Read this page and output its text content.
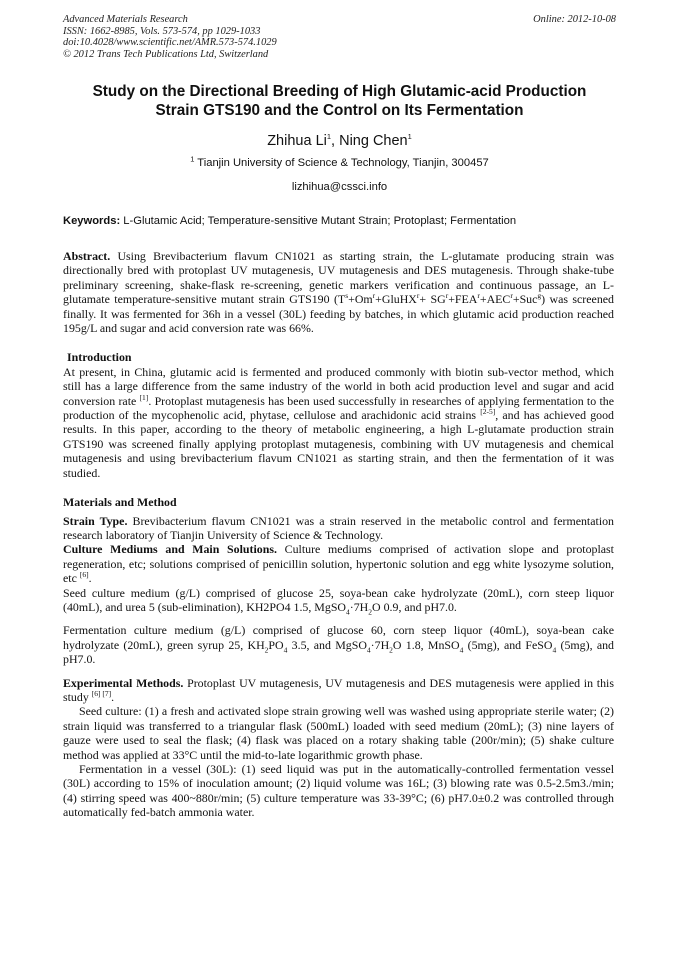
Advanced Materials Research
ISSN: 1662-8985, Vols. 573-574, pp 1029-1033
doi:10.4028/www.scientific.net/AMR.573-574.1029
© 2012 Trans Tech Publications Ltd, Switzerland
Online: 2012-10-08
Study on the Directional Breeding of High Glutamic-acid Production
Strain GTS190 and the Control on Its Fermentation
Zhihua Li$^1$, Ning Chen$^1$
$^1$ Tianjin University of Science & Technology, Tianjin, 300457
lizhihua@cssci.info
Keywords: L-Glutamic Acid; Temperature-sensitive Mutant Strain; Protoplast; Fermentation

Abstract. Using Brevibacterium flavum CN1021 as starting strain, the L-glutamate producing strain was directionally bred with protoplast UV mutagenesis, UV mutagenesis and DES mutagenesis. Through shake-tube preliminary screening, shake-flask re-screening, genetic markers verification and continuous passage, an L-glutamate temperature-sensitive mutant strain GTS190 $(T^s+Om^r+GluHX^r+ SG^r+FEA^r+AEC^r+Suc^g)$ was screened finally. It was fermented for 36h in a vessel (30L) feeding by batches, in which glutamic acid production reached 195g/L and sugar and acid conversion rate was 66%.

Introduction

At present, in China, glutamic acid is fermented and produced commonly with biotin sub-vector method, which still has a large difference from the same industry of the world in both acid production level and sugar and acid conversion rate [1]. Protoplast mutagenesis has been used successfully in researches of applying fermentation to the production of the mycophenolic acid, phytase, cellulose and arachidonic acid strains [2-5], and has achieved good results. In this paper, according to the theory of metabolic engineering, a high L-glutamate production strain GTS190 was screened finally applying protoplast mutagenesis, combining with UV mutagenesis and chemical mutagenesis and using brevibacterium flavum CN1021 as starting strain, and then the fermentation of it was studied.

Materials and Method

Strain Type. Brevibacterium flavum CN1021 was a strain reserved in the metabolic control and fermentation research laboratory of Tianjin University of Science & Technology.

Culture Mediums and Main Solutions. Culture mediums comprised of activation slope and protoplast regeneration, etc; solutions comprised of penicillin solution, hypertonic solution and egg white lysozyme solution, etc [6].

Seed culture medium (g/L) comprised of glucose 25, soya-bean cake hydrolyzate (20mL), corn steep liquor (40mL), and urea 5 (sub-elimination), KH2PO4 1.5, $MgSO_4\cdot 7H_2O$ 0.9, and pH7.0.

Fermentation culture medium (g/L) comprised of glucose 60, corn steep liquor (40mL), soya-bean cake hydrolyzate (20mL), green syrup 25, $KH_2PO_4$ 3.5, and $MgSO_4\cdot 7H_2O$ 1.8, MnSO$_4$ (5mg), and FeSO$_4$ (5mg), and pH7.0.

Experimental Methods. Protoplast UV mutagenesis, UV mutagenesis and DES mutagenesis were applied in this study [6] [7].

Seed culture: (1) a fresh and activated slope strain growing well was washed using appropriate sterile water; (2) strain liquid was transferred to a triangular flask (500mL) loaded with seed medium (20mL); (3) nine layers of gauze were used to seal the flask; (4) flask was placed on a rotary shaking table (200r/min); (5) shake culture method was applied at 33°C until the mid-to-late logarithmic growth phase.

Fermentation in a vessel (30L): (1) seed liquid was put in the automatically-controlled fermentation vessel (30L) according to 15% of inoculation amount; (2) liquid volume was 16L; (3) blowing rate was 0.5-2.5m3./min; (4) stirring speed was 400~880r/min; (5) culture temperature was 33-39°C; (6) pH7.0±0.2 was controlled through automatically fed-batch ammonia water.
